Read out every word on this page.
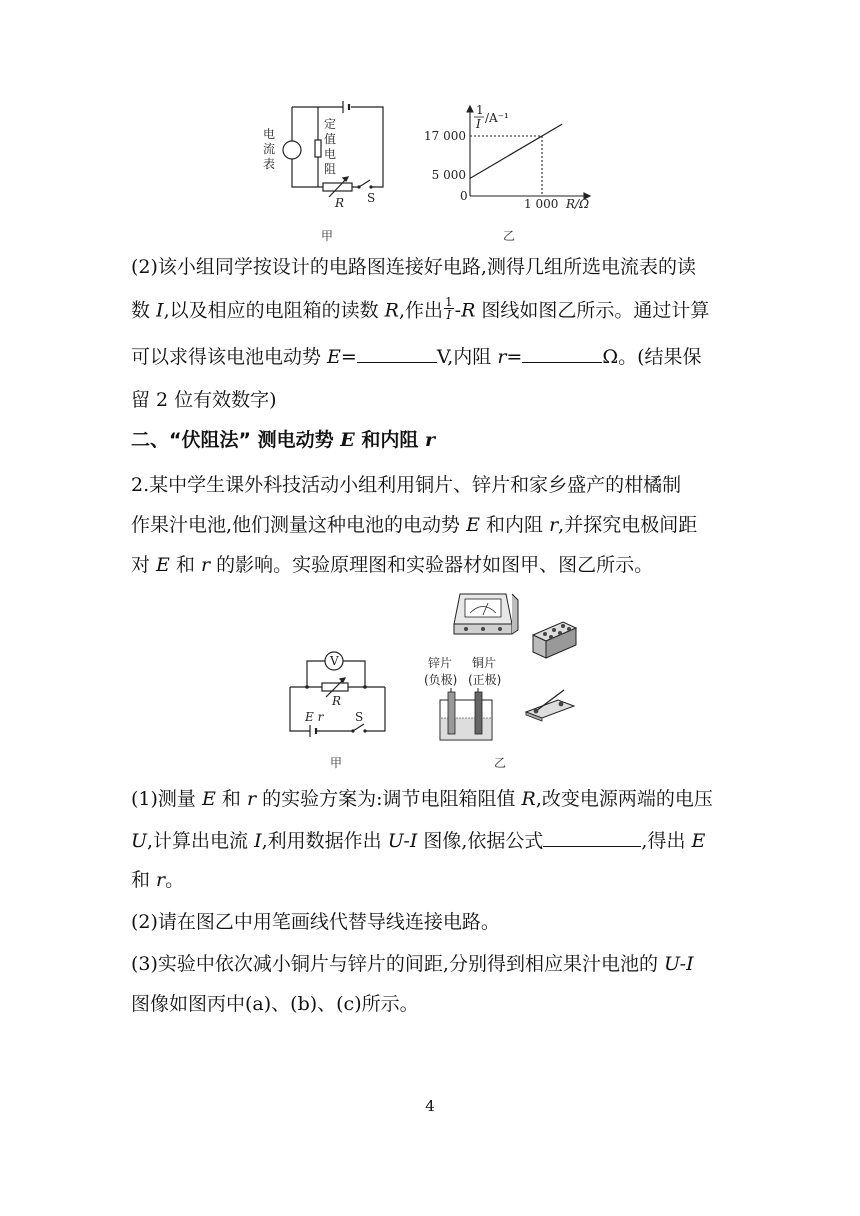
电
流
表
定
值
电
阻
R S
甲
1
I /A⁻¹
17 000
5 000
0
1 000 R/Ω
乙
(2)该小组同学按设计的电路图连接好电路,测得几组所选电流表的读
数 I,以及相应的电阻箱的读数 R,作出 $\frac{1}{I} -R$ 图线如图乙所示。通过计算
可以求得该电池电动势 E=	V,内阻 r=	Ω。(结果保
留 2 位有效数字)
二、“伏阻法” 测电动势 E 和内阻 r
2.某中学生课外科技活动小组利用铜片、锌片和家乡盛产的柑橘制
作果汁电池,他们测量这种电池的电动势 E 和内阻 r,并探究电极间距
对 E 和 r 的影响。实验原理图和实验器材如图甲、图乙所示。
V
R
E r	S
甲
锌片
(负极)
铜片
(正极)
乙
(1)测量 E 和 r 的实验方案为:调节电阻箱阻值 R,改变电源两端的电压
U,计算出电流 I,利用数据作出 U-I 图像,依据公式	,得出 E
和 r。
(2)请在图乙中用笔画线代替导线连接电路。
(3)实验中依次减小铜片与锌片的间距,分别得到相应果汁电池的 U-I
图像如图丙中(a)、(b)、(c)所示。
4
